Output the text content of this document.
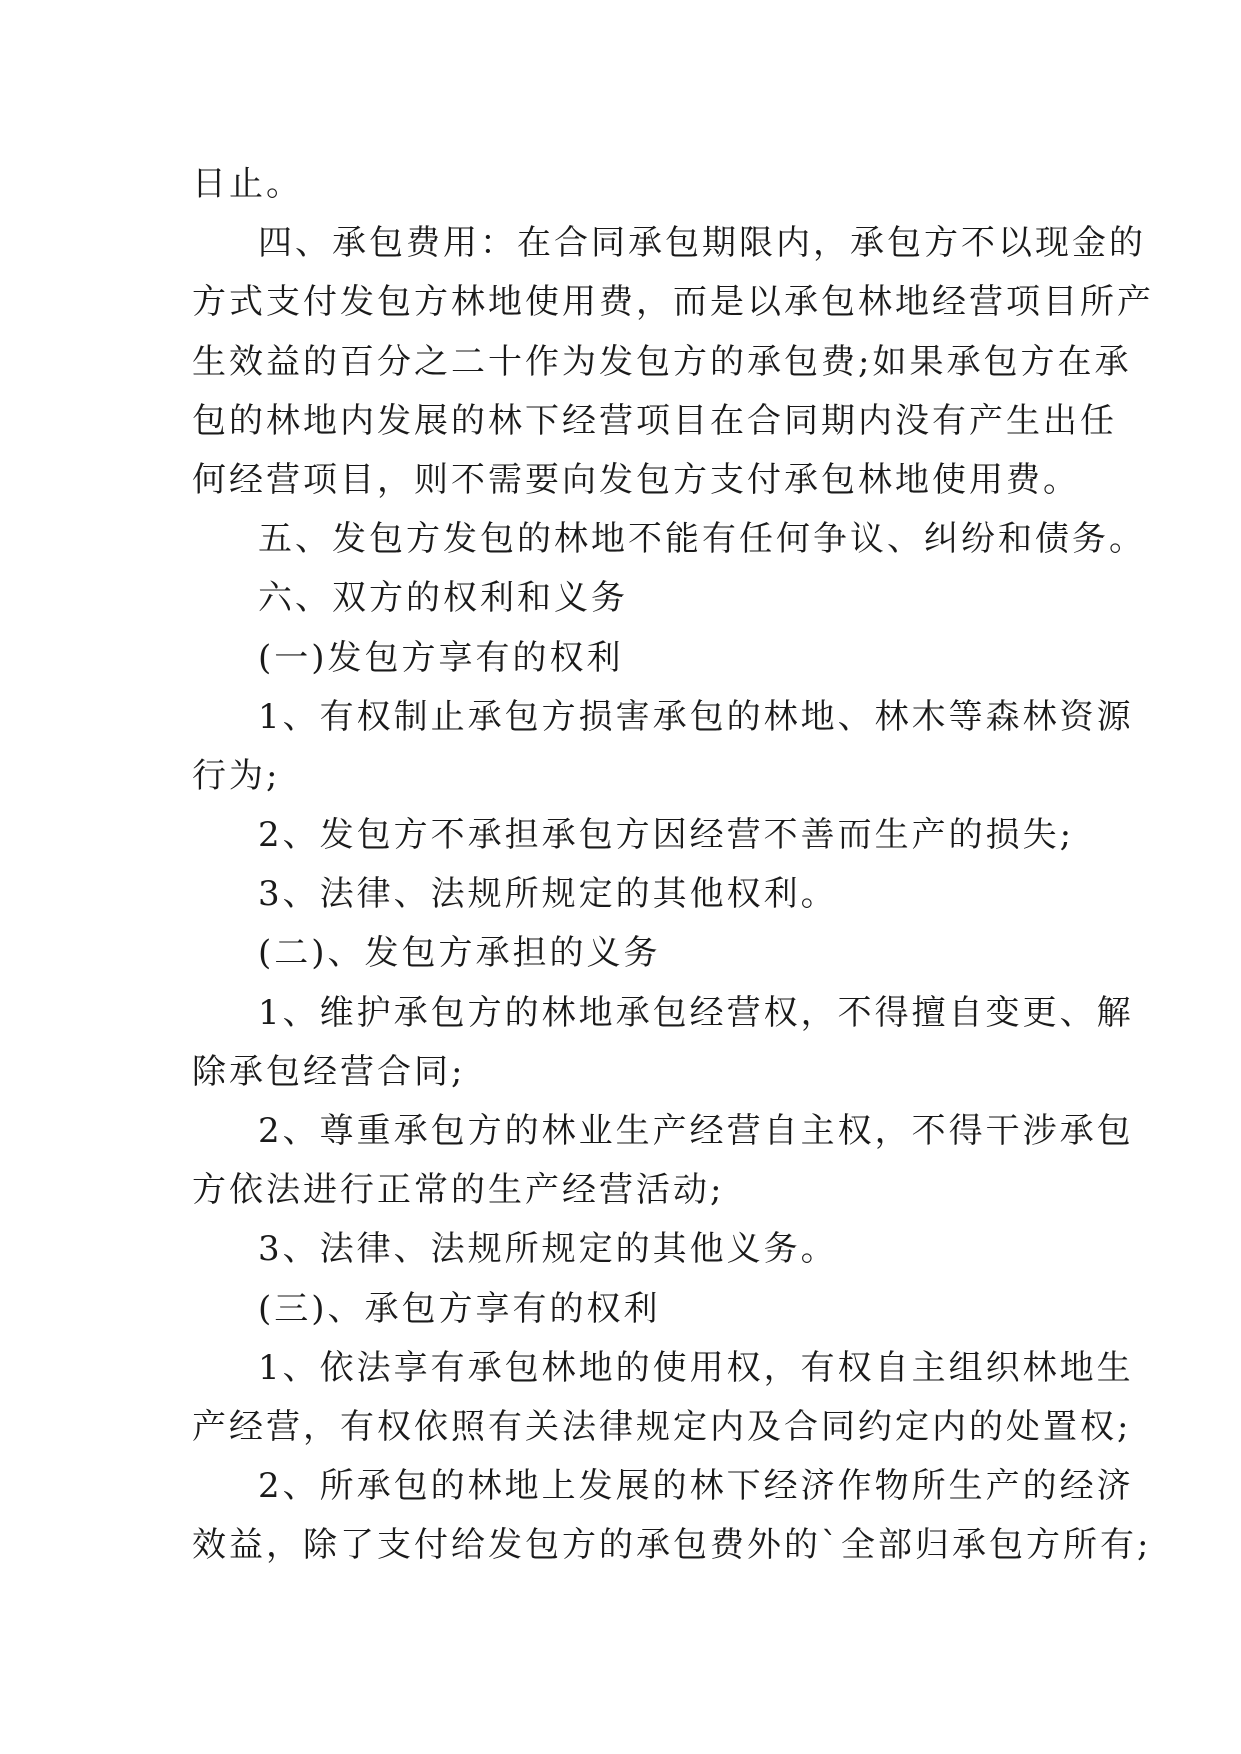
日止。
四、承包费用：在合同承包期限内，承包方不以现金的
方式支付发包方林地使用费，而是以承包林地经营项目所产
生效益的百分之二十作为发包方的承包费;如果承包方在承
包的林地内发展的林下经营项目在合同期内没有产生出任
何经营项目，则不需要向发包方支付承包林地使用费。
五、发包方发包的林地不能有任何争议、纠纷和债务。
六、双方的权利和义务
(一)发包方享有的权利
1、有权制止承包方损害承包的林地、林木等森林资源
行为;
2、发包方不承担承包方因经营不善而生产的损失;
3、法律、法规所规定的其他权利。
(二)、发包方承担的义务
1、维护承包方的林地承包经营权，不得擅自变更、解
除承包经营合同;
2、尊重承包方的林业生产经营自主权，不得干涉承包
方依法进行正常的生产经营活动;
3、法律、法规所规定的其他义务。
(三)、承包方享有的权利
1、依法享有承包林地的使用权，有权自主组织林地生
产经营，有权依照有关法律规定内及合同约定内的处置权;
2、所承包的林地上发展的林下经济作物所生产的经济
效益，除了支付给发包方的承包费外的`全部归承包方所有;
